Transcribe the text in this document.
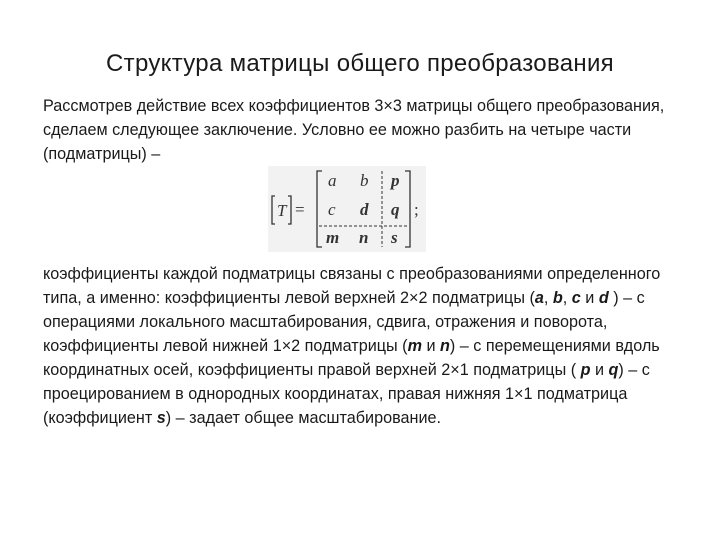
Структура матрицы общего преобразования

Рассмотрев действие всех коэффициентов 3×3 матрицы общего преобразования, сделаем следующее заключение. Условно ее можно разбить на четыре части (подматрицы) –

T =
a b p
c d q
m n s
;

коэффициенты каждой подматрицы связаны с преобразованиями определенного типа, а именно: коэффициенты левой верхней 2×2 подматрицы (a, b, c и d ) – с операциями локального масштабирования, сдвига, отражения и поворота, коэффициенты левой нижней 1×2 подматрицы (m и n) – с перемещениями вдоль координатных осей, коэффициенты правой верхней 2×1 подматрицы ( p и q) – с проецированием в однородных координатах, правая нижняя 1×1 подматрица (коэффициент s) – задает общее масштабирование.
